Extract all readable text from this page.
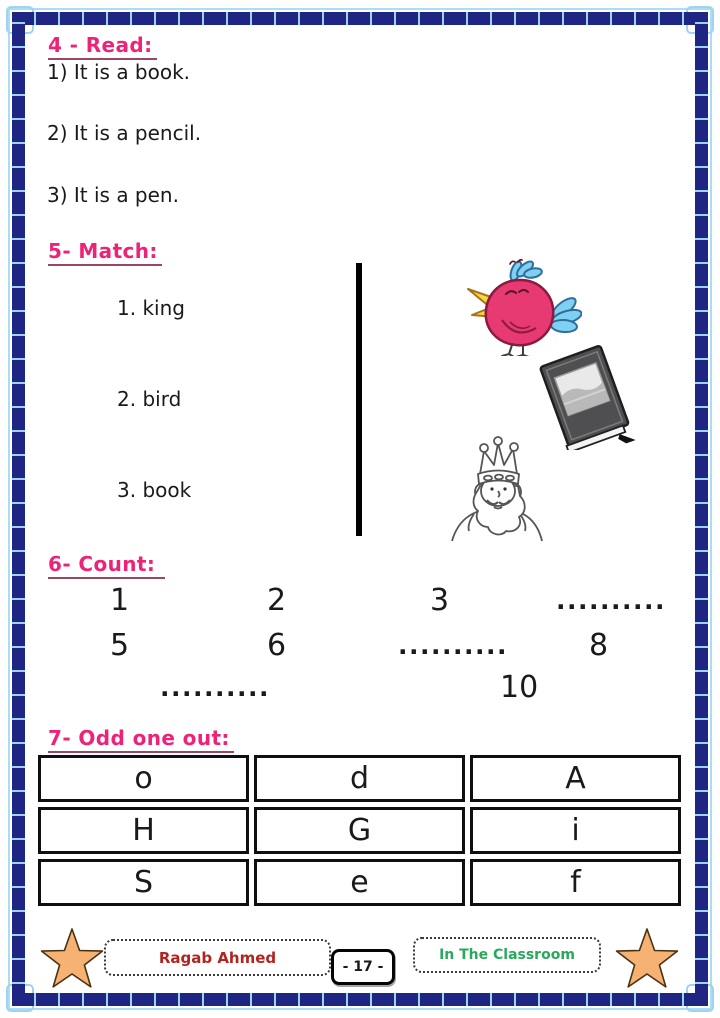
4 - Read:
1) It is a book.
2) It is a pencil.
3) It is a pen.
5- Match:
1. king
2. bird
3. book
6- Count:
1	2	3	..........
5	6	..........	8
..........	10
7- Odd one out:
o	d	A
H	G	i
S	e	f
Ragab Ahmed
- 17 -
In The Classroom
